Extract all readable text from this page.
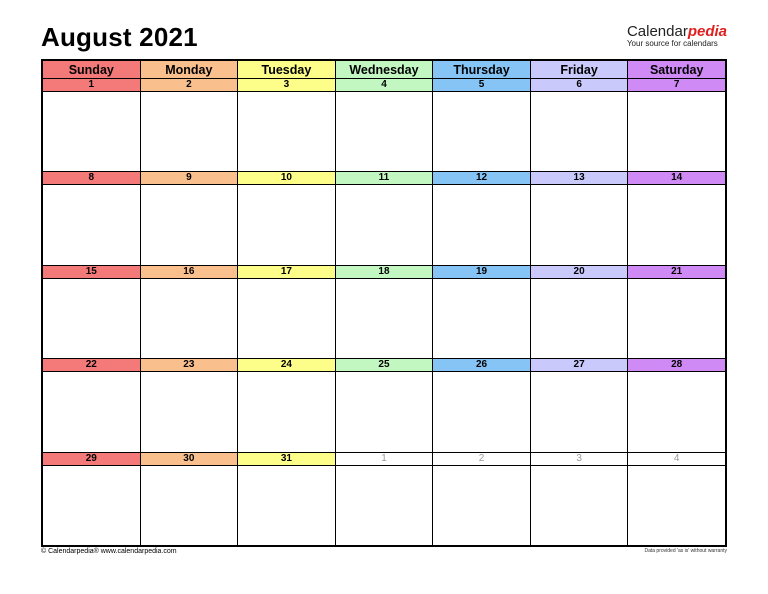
August 2021	Calendarpedia
Your source for calendars
Sunday	Monday	Tuesday	Wednesday	Thursday	Friday	Saturday
1	2	3	4	5	6	7

8	9	10	11	12	13	14

15	16	17	18	19	20	21

22	23	24	25	26	27	28

29	30	31	1	2	3	4

© Calendarpedia® www.calendarpedia.com	Data provided 'as is' without warranty
